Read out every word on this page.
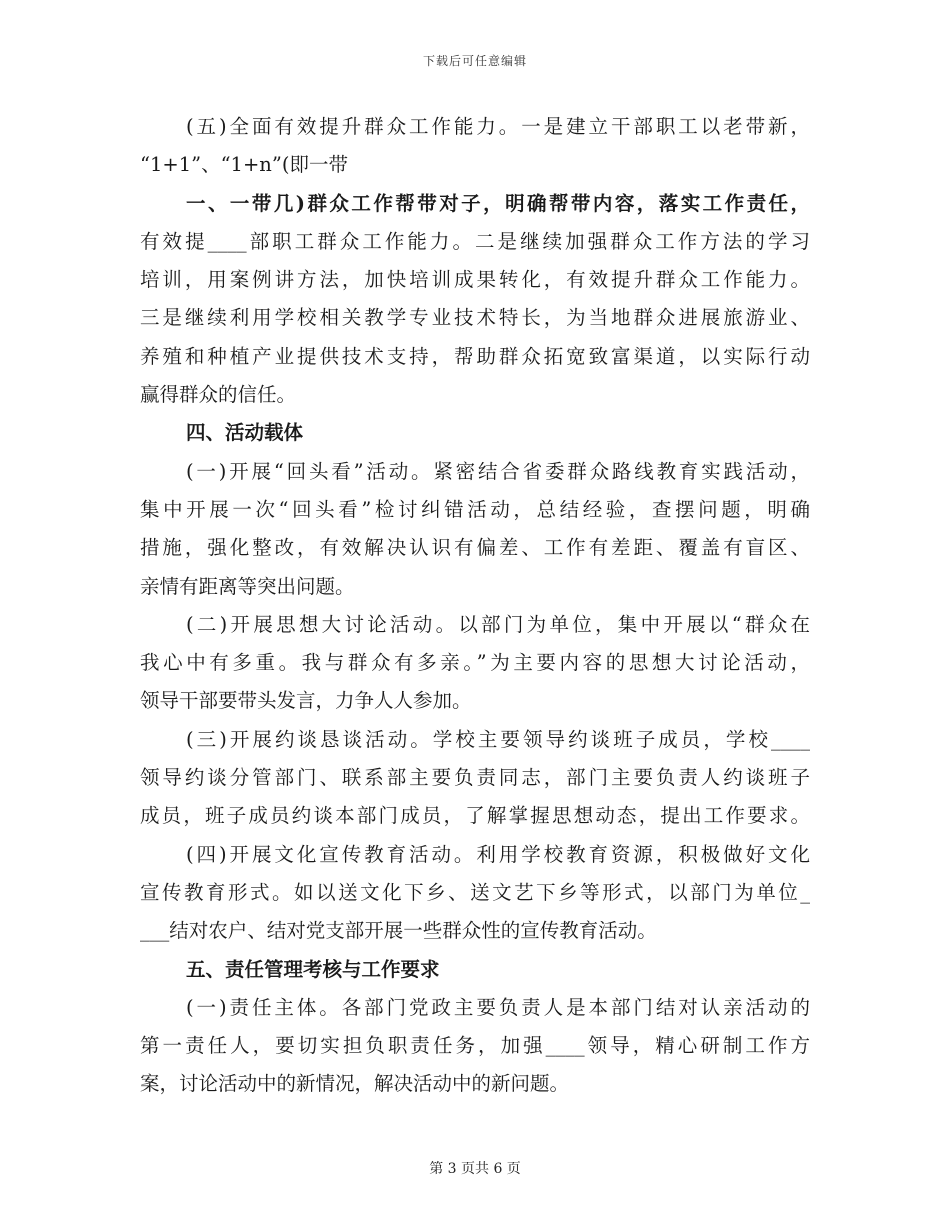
下载后可任意编辑
(五)全面有效提升群众工作能力。一是建立干部职工以老带新，
“1+1”、“1+n”(即一带
一、一带几)群众工作帮带对子，明确帮带内容，落实工作责任，
有效提____部职工群众工作能力。二是继续加强群众工作方法的学习
培训，用案例讲方法，加快培训成果转化，有效提升群众工作能力。
三是继续利用学校相关教学专业技术特长，为当地群众进展旅游业、
养殖和种植产业提供技术支持，帮助群众拓宽致富渠道，以实际行动
赢得群众的信任。
四、活动载体
(一)开展“回头看”活动。紧密结合省委群众路线教育实践活动，
集中开展一次“回头看”检讨纠错活动，总结经验，查摆问题，明确
措施，强化整改，有效解决认识有偏差、工作有差距、覆盖有盲区、
亲情有距离等突出问题。
(二)开展思想大讨论活动。以部门为单位，集中开展以“群众在
我心中有多重。我与群众有多亲。”为主要内容的思想大讨论活动，
领导干部要带头发言，力争人人参加。
(三)开展约谈恳谈活动。学校主要领导约谈班子成员，学校____
领导约谈分管部门、联系部主要负责同志，部门主要负责人约谈班子
成员，班子成员约谈本部门成员，了解掌握思想动态，提出工作要求。
(四)开展文化宣传教育活动。利用学校教育资源，积极做好文化
宣传教育形式。如以送文化下乡、送文艺下乡等形式，以部门为单位_
___结对农户、结对党支部开展一些群众性的宣传教育活动。
五、责任管理考核与工作要求
(一)责任主体。各部门党政主要负责人是本部门结对认亲活动的
第一责任人，要切实担负职责任务，加强____领导，精心研制工作方
案，讨论活动中的新情况，解决活动中的新问题。
第 3 页共 6 页
